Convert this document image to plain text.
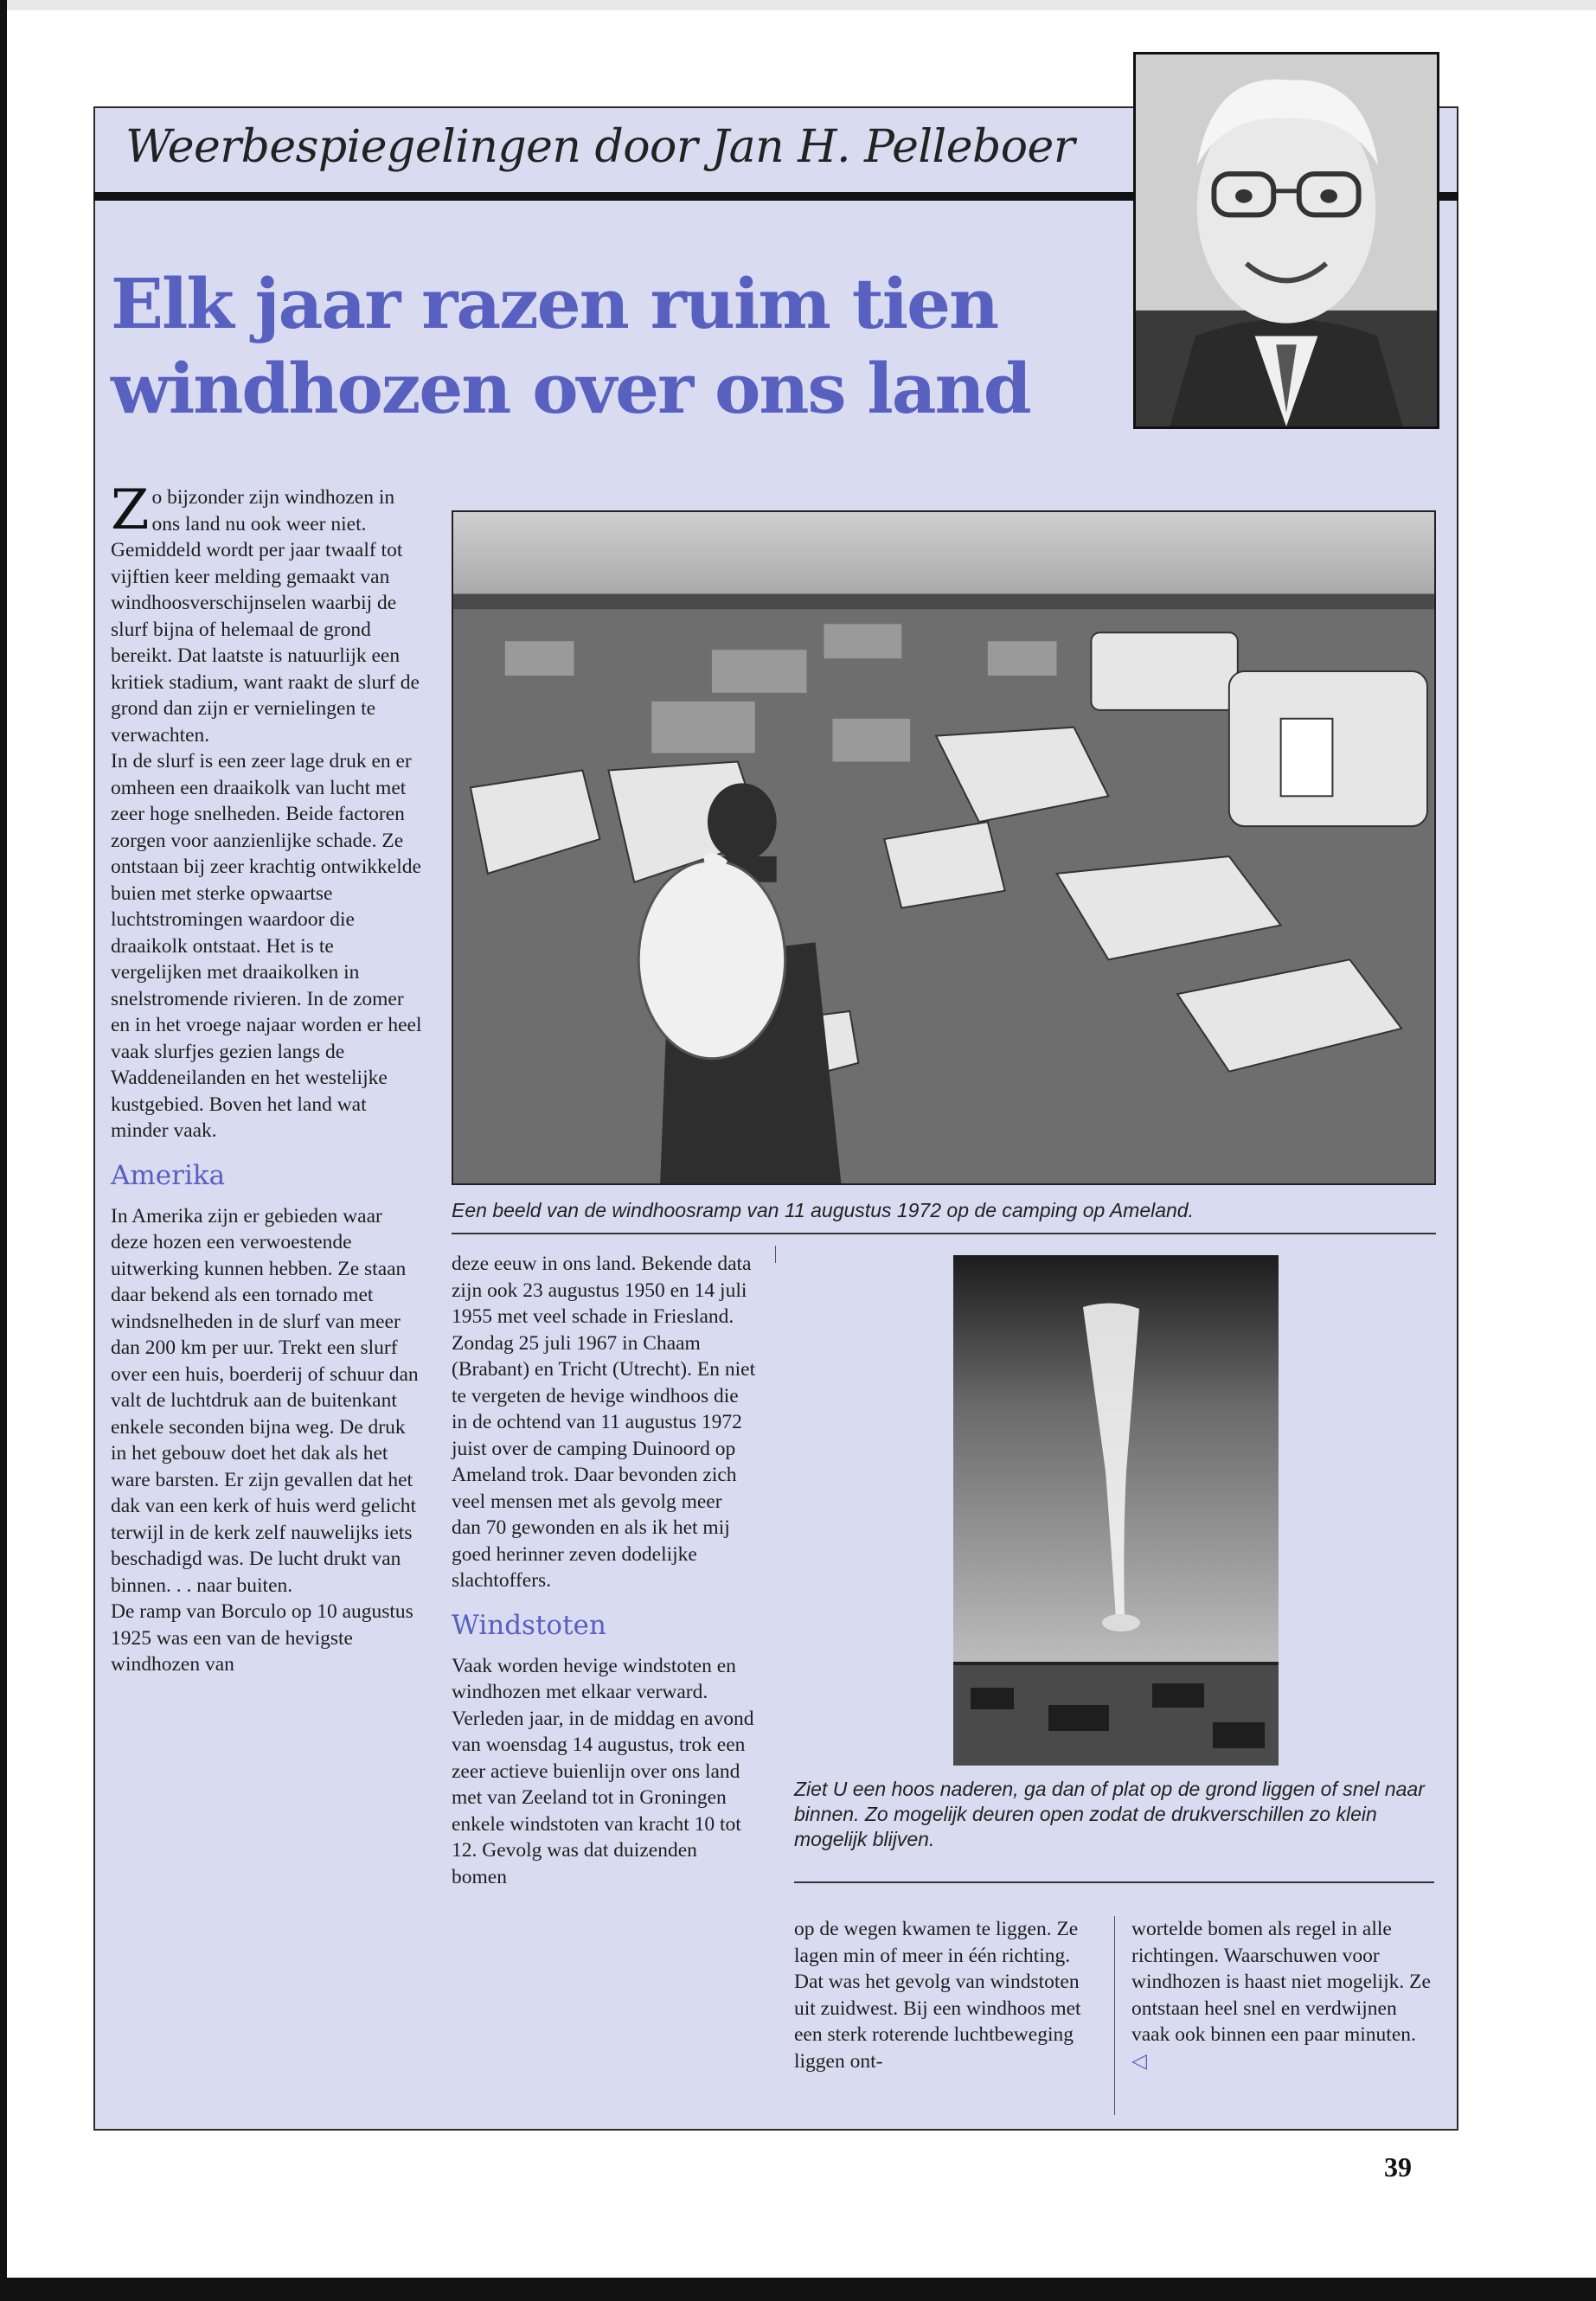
Weerbespiegelingen door Jan H. Pelleboer
Elk jaar razen ruim tien
windhozen over ons land

Zo bijzonder zijn windhozen in ons land nu ook weer niet. Gemiddeld wordt per jaar twaalf tot vijftien keer melding gemaakt van windhoosverschijnselen waarbij de slurf bijna of helemaal de grond bereikt. Dat laatste is natuurlijk een kritiek stadium, want raakt de slurf de grond dan zijn er vernielingen te verwachten.

In de slurf is een zeer lage druk en er omheen een draaikolk van lucht met zeer hoge snelheden. Beide factoren zorgen voor aanzienlijke schade. Ze ontstaan bij zeer krachtig ontwikkelde buien met sterke opwaartse luchtstromingen waardoor die draaikolk ontstaat. Het is te vergelijken met draaikolken in snelstromende rivieren. In de zomer en in het vroege najaar worden er heel vaak slurfjes gezien langs de Waddeneilanden en het westelijke kustgebied. Boven het land wat minder vaak.

Amerika

In Amerika zijn er gebieden waar deze hozen een verwoestende uitwerking kunnen hebben. Ze staan daar bekend als een tornado met windsnelheden in de slurf van meer dan 200 km per uur. Trekt een slurf over een huis, boerderij of schuur dan valt de luchtdruk aan de buitenkant enkele seconden bijna weg. De druk in het gebouw doet het dak als het ware barsten. Er zijn gevallen dat het dak van een kerk of huis werd gelicht terwijl in de kerk zelf nauwelijks iets beschadigd was. De lucht drukt van binnen. . . naar buiten.

De ramp van Borculo op 10 augustus 1925 was een van de hevigste windhozen van

Een beeld van de windhoosramp van 11 augustus 1972 op de camping op Ameland.

deze eeuw in ons land. Bekende data zijn ook 23 augustus 1950 en 14 juli 1955 met veel schade in Friesland. Zondag 25 juli 1967 in Chaam (Brabant) en Tricht (Utrecht). En niet te vergeten de hevige windhoos die in de ochtend van 11 augustus 1972 juist over de camping Duinoord op Ameland trok. Daar bevonden zich veel mensen met als gevolg meer dan 70 gewonden en als ik het mij goed herinner zeven dodelijke slachtoffers.

Windstoten

Vaak worden hevige windstoten en windhozen met elkaar verward. Verleden jaar, in de middag en avond van woensdag 14 augustus, trok een zeer actieve buienlijn over ons land met van Zeeland tot in Groningen enkele windstoten van kracht 10 tot 12. Gevolg was dat duizenden bomen

Ziet U een hoos naderen, ga dan of plat op de grond liggen of snel naar binnen. Zo mogelijk deuren open zodat de drukverschillen zo klein mogelijk blijven.

op de wegen kwamen te liggen. Ze lagen min of meer in één richting. Dat was het gevolg van windstoten uit zuidwest. Bij een windhoos met een sterk roterende luchtbeweging liggen ont-

wortelde bomen als regel in alle richtingen. Waarschuwen voor windhozen is haast niet mogelijk. Ze ontstaan heel snel en verdwijnen vaak ook binnen een paar minuten. ◁

39
